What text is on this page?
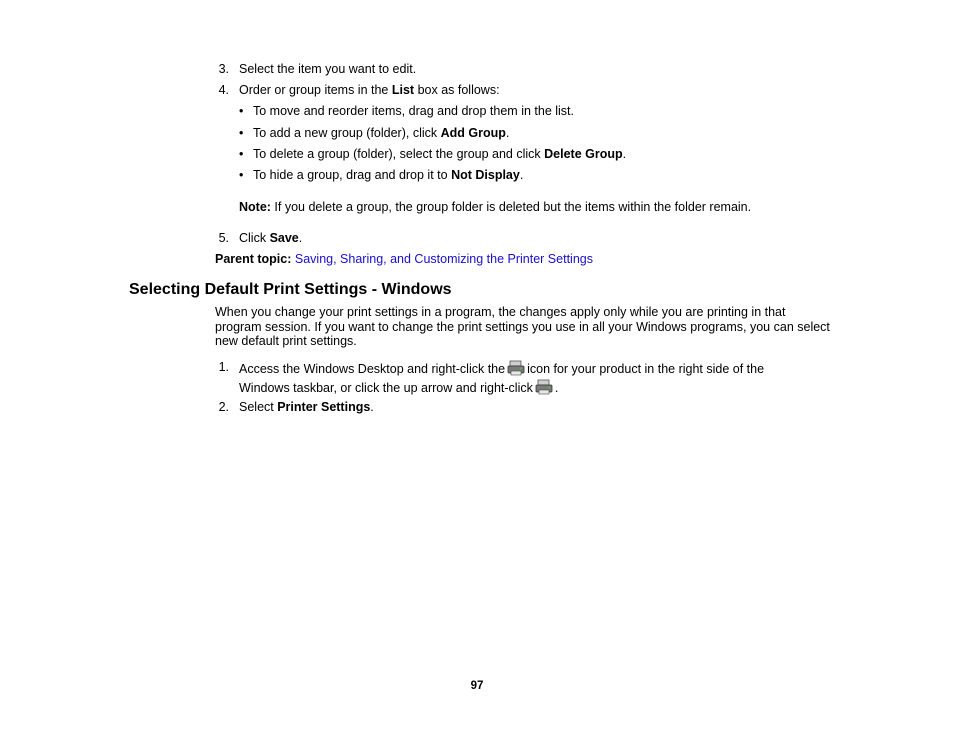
3. Select the item you want to edit.
4. Order or group items in the List box as follows:
• To move and reorder items, drag and drop them in the list.
• To add a new group (folder), click Add Group.
• To delete a group (folder), select the group and click Delete Group.
• To hide a group, drag and drop it to Not Display.
Note: If you delete a group, the group folder is deleted but the items within the folder remain.
5. Click Save.
Parent topic: Saving, Sharing, and Customizing the Printer Settings
Selecting Default Print Settings - Windows
When you change your print settings in a program, the changes apply only while you are printing in that program session. If you want to change the print settings you use in all your Windows programs, you can select new default print settings.
1. Access the Windows Desktop and right-click the icon for your product in the right side of the
Windows taskbar, or click the up arrow and right-click .
2. Select Printer Settings.
97
